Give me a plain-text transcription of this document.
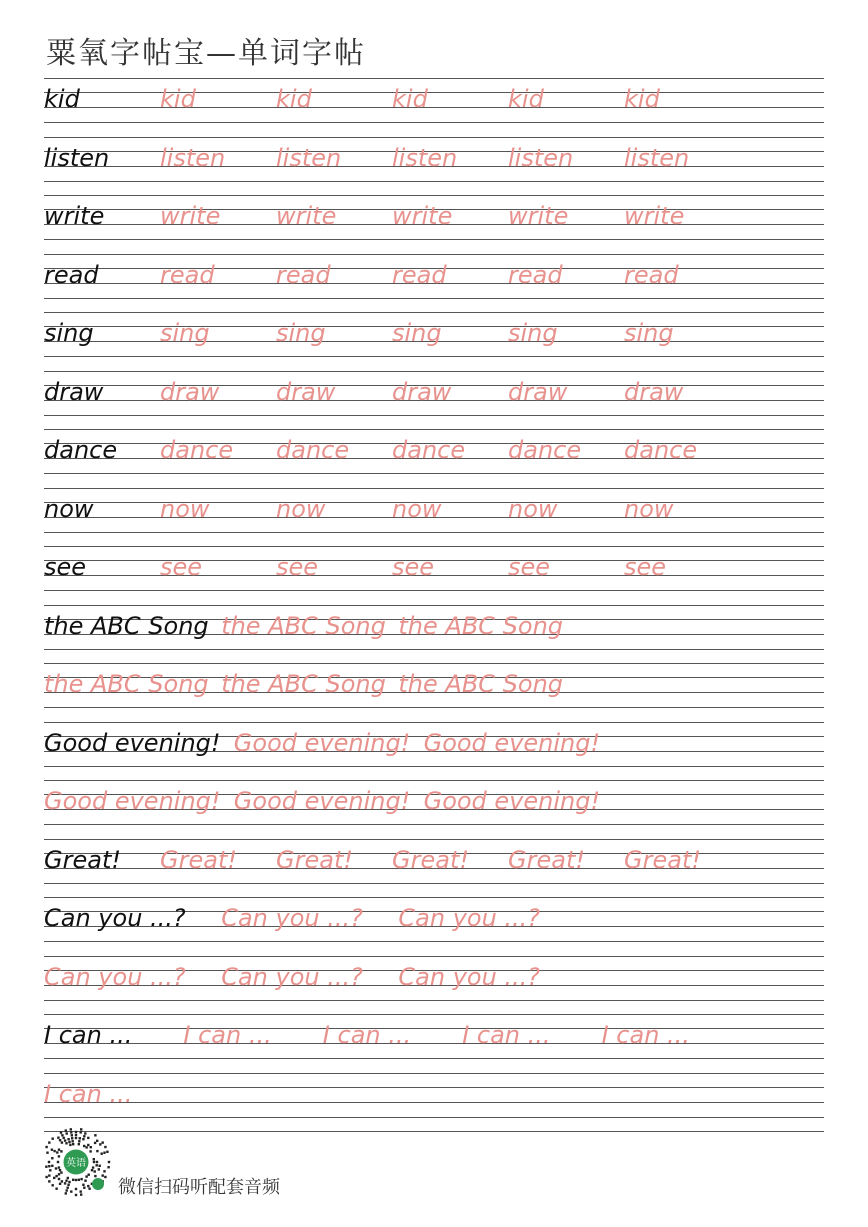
粟氧字帖宝—单词字帖
kid	kid	kid	kid	kid	kid
listen listen listen listen listen listen
write write write write write write
read	read	read	read	read	read
sing	sing	sing	sing	sing	sing
draw draw draw draw draw draw
dance dance dance dance dance dance
now	now	now	now	now	now
see	see	see	see	see	see
the ABC Song the ABC Song the ABC Song
the ABC Song the ABC Song the ABC Song
Good evening! Good evening! Good evening!
Good evening! Good evening! Good evening!
Great! Great! Great! Great! Great! Great!
Can you ...? Can you ...? Can you ...?
Can you ...? Can you ...? Can you ...?
I can ... I can ... I can ... I can ... I can ...
I can ...
英语
微信扫码听配套音频
